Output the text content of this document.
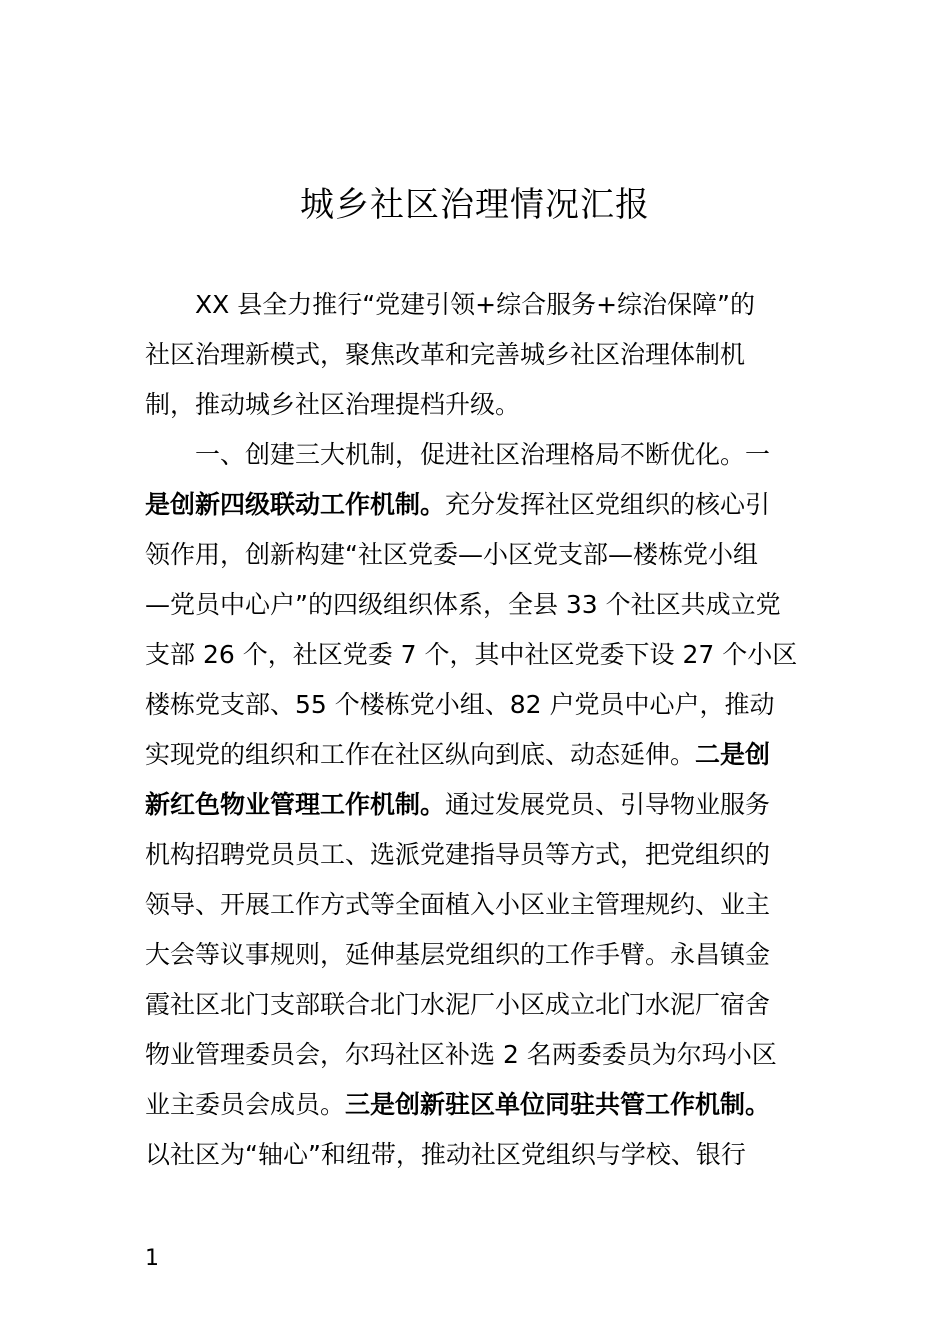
城乡社区治理情况汇报
XX 县全力推行“党建引领+综合服务+综治保障”的
社区治理新模式，聚焦改革和完善城乡社区治理体制机
制，推动城乡社区治理提档升级。
一、创建三大机制，促进社区治理格局不断优化。一
是创新四级联动工作机制。充分发挥社区党组织的核心引
领作用，创新构建“社区党委—小区党支部—楼栋党小组
—党员中心户”的四级组织体系，全县 33 个社区共成立党
支部 26 个，社区党委 7 个，其中社区党委下设 27 个小区
楼栋党支部、55 个楼栋党小组、82 户党员中心户，推动
实现党的组织和工作在社区纵向到底、动态延伸。二是创
新红色物业管理工作机制。通过发展党员、引导物业服务
机构招聘党员员工、选派党建指导员等方式，把党组织的
领导、开展工作方式等全面植入小区业主管理规约、业主
大会等议事规则，延伸基层党组织的工作手臂。永昌镇金
霞社区北门支部联合北门水泥厂小区成立北门水泥厂宿舍
物业管理委员会，尔玛社区补选 2 名两委委员为尔玛小区
业主委员会成员。三是创新驻区单位同驻共管工作机制。
以社区为“轴心”和纽带，推动社区党组织与学校、银行
1
